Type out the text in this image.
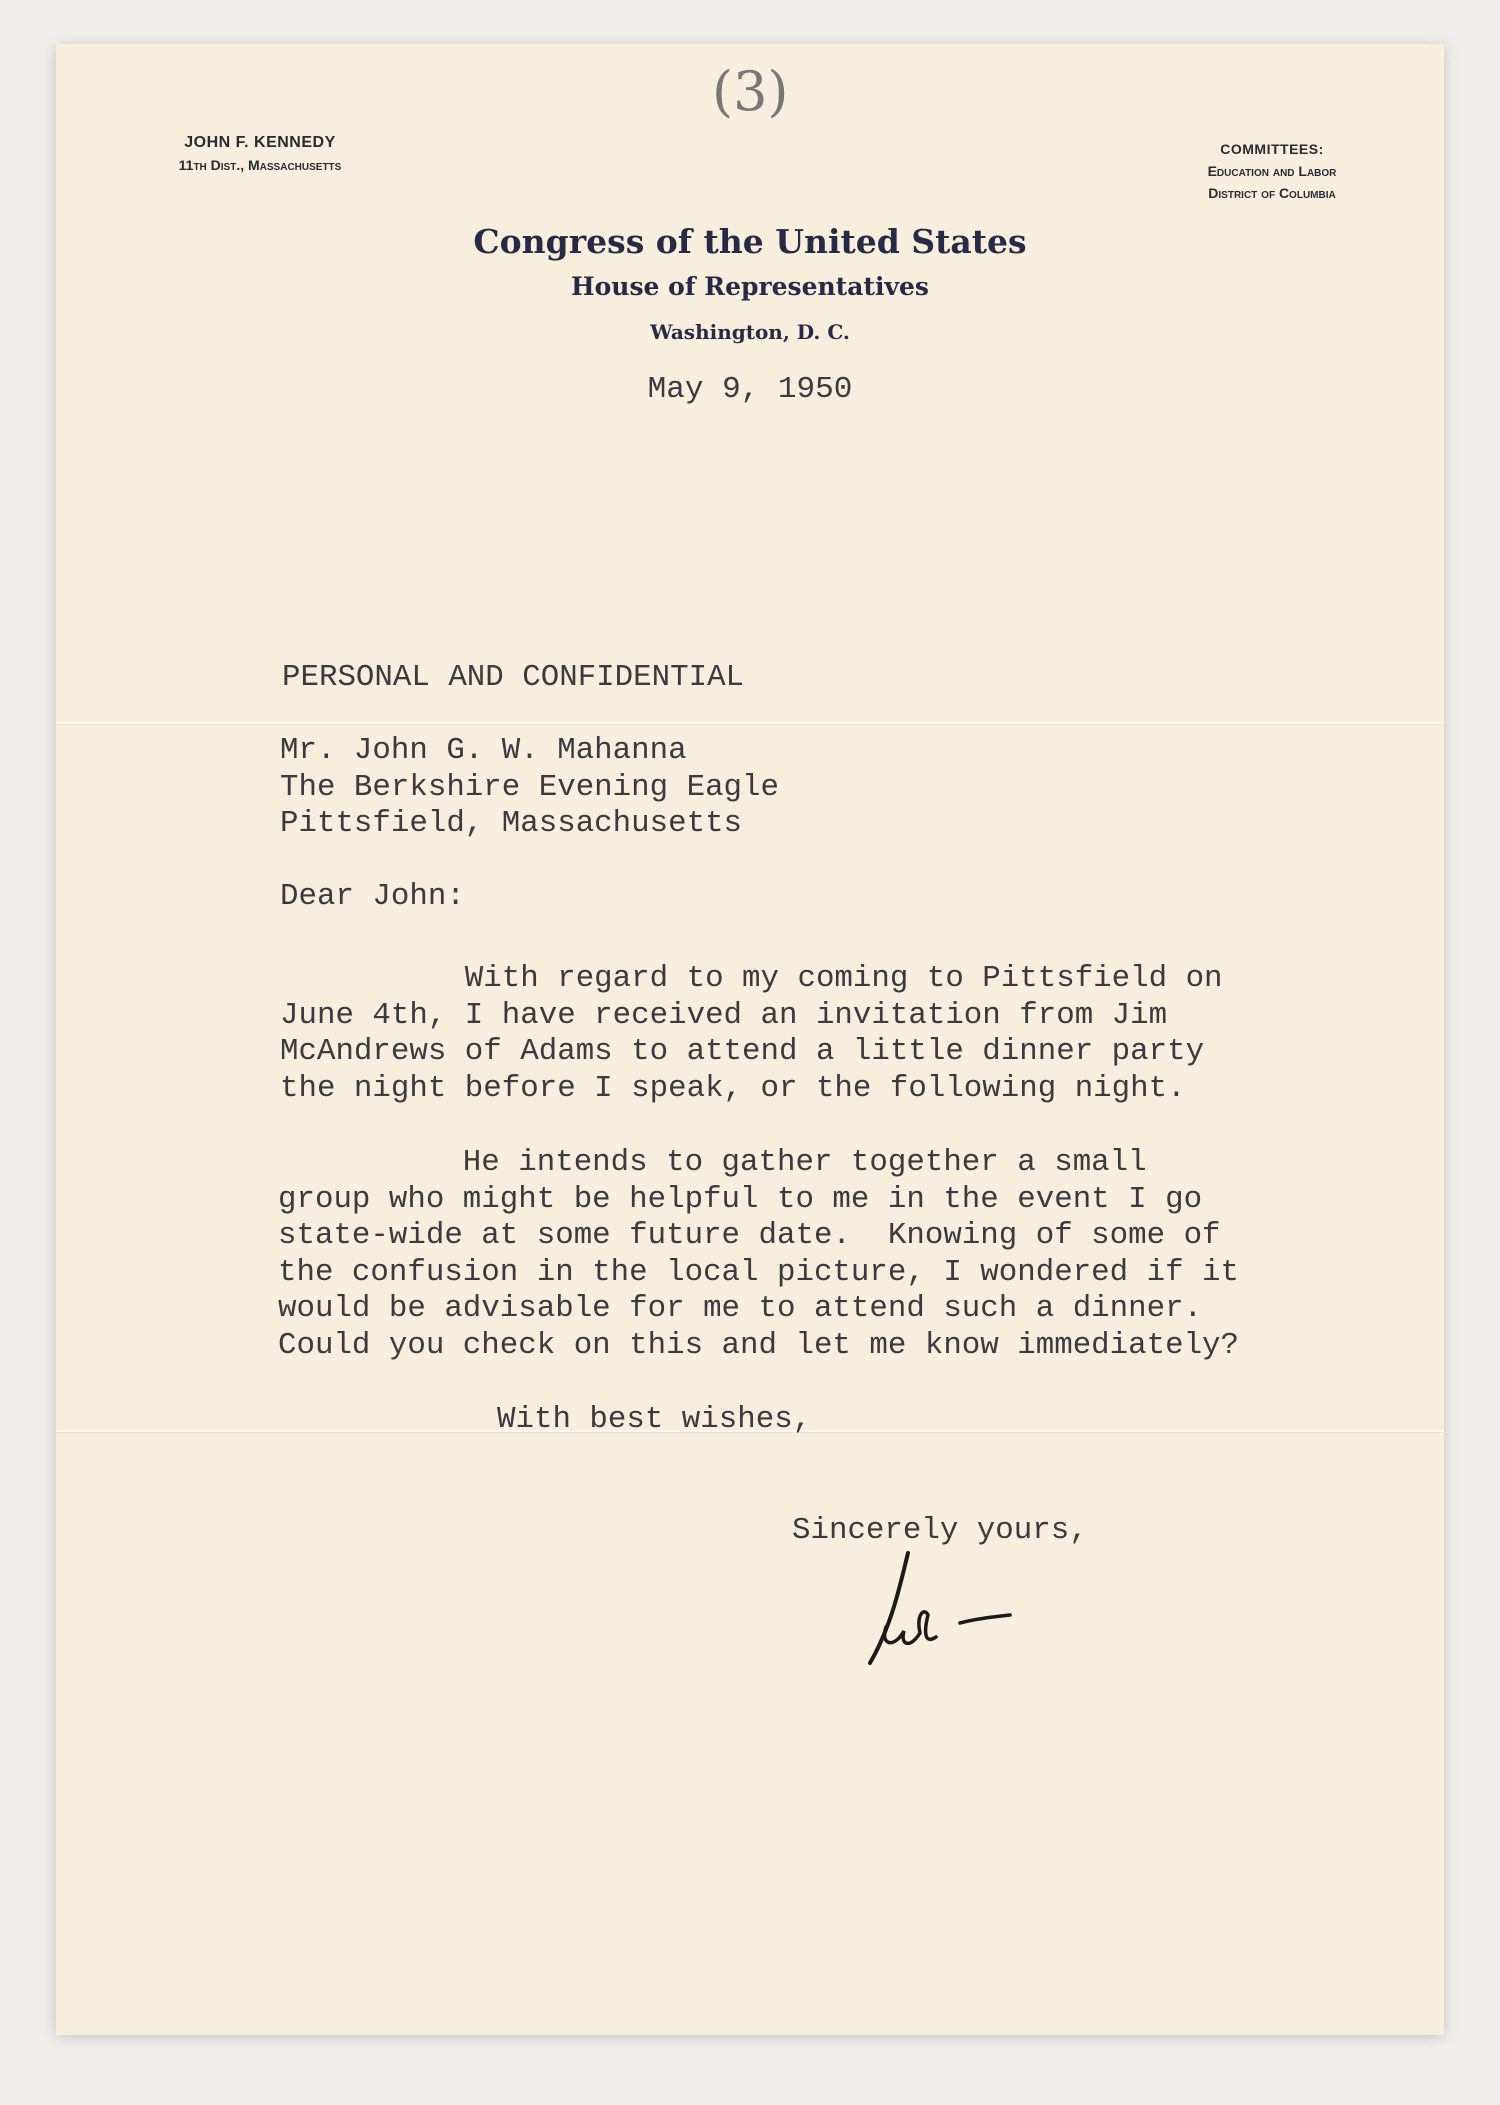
(3)
JOHN F. KENNEDY
11th Dist., Massachusetts
COMMITTEES:
Education and Labor
District of Columbia
Congress of the United States
House of Representatives
Washington, D. C.
May 9, 1950
PERSONAL AND CONFIDENTIAL
Mr. John G. W. Mahanna
The Berkshire Evening Eagle
Pittsfield, Massachusetts
Dear John:
With regard to my coming to Pittsfield on
June 4th, I have received an invitation from Jim
McAndrews of Adams to attend a little dinner party
the night before I speak, or the following night.
He intends to gather together a small
group who might be helpful to me in the event I go
state-wide at some future date.  Knowing of some of
the confusion in the local picture, I wondered if it
would be advisable for me to attend such a dinner.
Could you check on this and let me know immediately?
With best wishes,
Sincerely yours,
